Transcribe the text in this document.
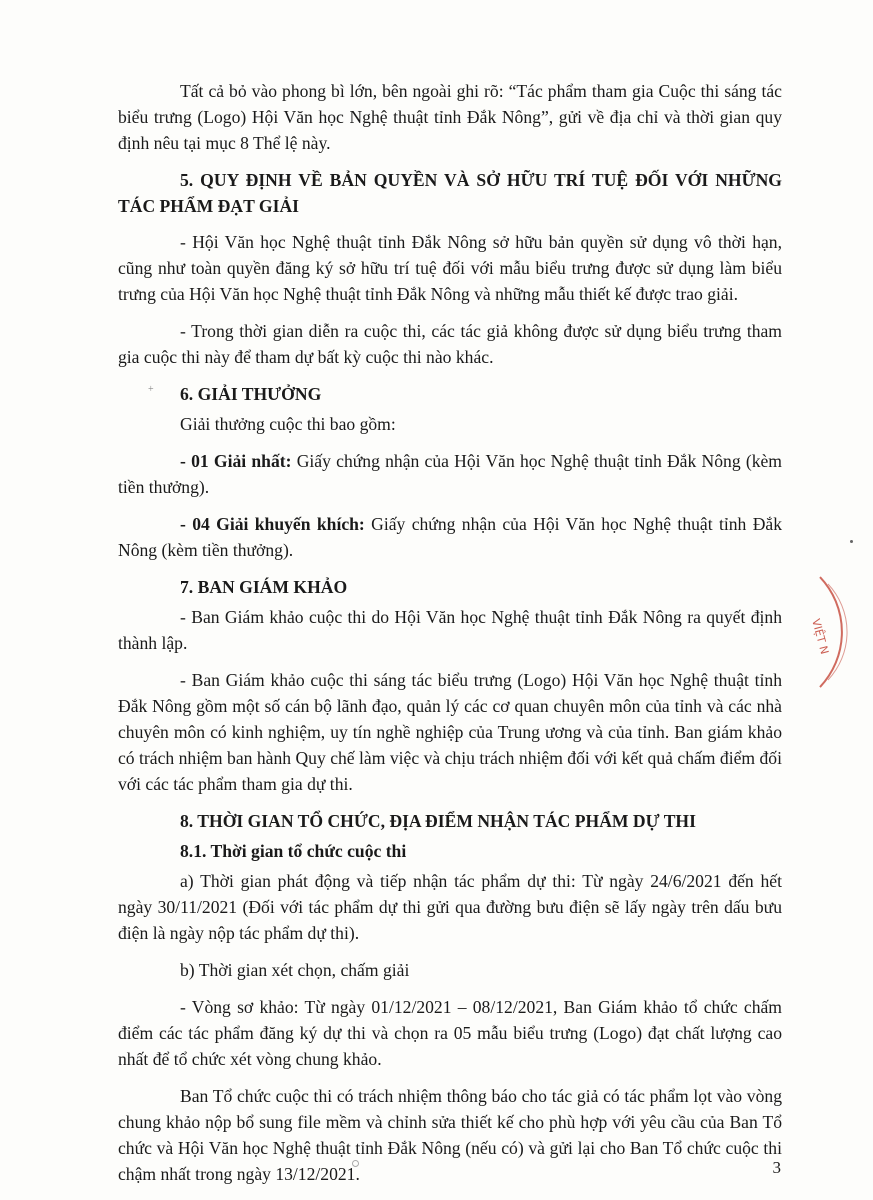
Tất cả bỏ vào phong bì lớn, bên ngoài ghi rõ: “Tác phẩm tham gia Cuộc thi sáng tác biểu trưng (Logo) Hội Văn học Nghệ thuật tỉnh Đắk Nông”, gửi về địa chỉ và thời gian quy định nêu tại mục 8 Thể lệ này.

5. QUY ĐỊNH VỀ BẢN QUYỀN VÀ SỞ HỮU TRÍ TUỆ ĐỐI VỚI NHỮNG TÁC PHẨM ĐẠT GIẢI

- Hội Văn học Nghệ thuật tỉnh Đắk Nông sở hữu bản quyền sử dụng vô thời hạn, cũng như toàn quyền đăng ký sở hữu trí tuệ đối với mẫu biểu trưng được sử dụng làm biểu trưng của Hội Văn học Nghệ thuật tỉnh Đắk Nông và những mẫu thiết kế được trao giải.

- Trong thời gian diễn ra cuộc thi, các tác giả không được sử dụng biểu trưng tham gia cuộc thi này để tham dự bất kỳ cuộc thi nào khác.

6. GIẢI THƯỞNG

Giải thưởng cuộc thi bao gồm:

- 01 Giải nhất: Giấy chứng nhận của Hội Văn học Nghệ thuật tỉnh Đắk Nông (kèm tiền thưởng).

- 04 Giải khuyến khích: Giấy chứng nhận của Hội Văn học Nghệ thuật tỉnh Đắk Nông (kèm tiền thưởng).

7. BAN GIÁM KHẢO

- Ban Giám khảo cuộc thi do Hội Văn học Nghệ thuật tỉnh Đắk Nông ra quyết định thành lập.

- Ban Giám khảo cuộc thi sáng tác biểu trưng (Logo) Hội Văn học Nghệ thuật tỉnh Đắk Nông gồm một số cán bộ lãnh đạo, quản lý các cơ quan chuyên môn của tỉnh và các nhà chuyên môn có kinh nghiệm, uy tín nghề nghiệp của Trung ương và của tỉnh. Ban giám khảo có trách nhiệm ban hành Quy chế làm việc và chịu trách nhiệm đối với kết quả chấm điểm đối với các tác phẩm tham gia dự thi.

8. THỜI GIAN TỔ CHỨC, ĐỊA ĐIỂM NHẬN TÁC PHẨM DỰ THI
8.1. Thời gian tổ chức cuộc thi

a) Thời gian phát động và tiếp nhận tác phẩm dự thi: Từ ngày 24/6/2021 đến hết ngày 30/11/2021 (Đối với tác phẩm dự thi gửi qua đường bưu điện sẽ lấy ngày trên dấu bưu điện là ngày nộp tác phẩm dự thi).

b) Thời gian xét chọn, chấm giải

- Vòng sơ khảo: Từ ngày 01/12/2021 – 08/12/2021, Ban Giám khảo tổ chức chấm điểm các tác phẩm đăng ký dự thi và chọn ra 05 mẫu biểu trưng (Logo) đạt chất lượng cao nhất để tổ chức xét vòng chung khảo.

Ban Tổ chức cuộc thi có trách nhiệm thông báo cho tác giả có tác phẩm lọt vào vòng chung khảo nộp bổ sung file mềm và chỉnh sửa thiết kế cho phù hợp với yêu cầu của Ban Tổ chức và Hội Văn học Nghệ thuật tỉnh Đắk Nông (nếu có) và gửi lại cho Ban Tổ chức cuộc thi chậm nhất trong ngày 13/12/2021.	3
VIỆT N
+
